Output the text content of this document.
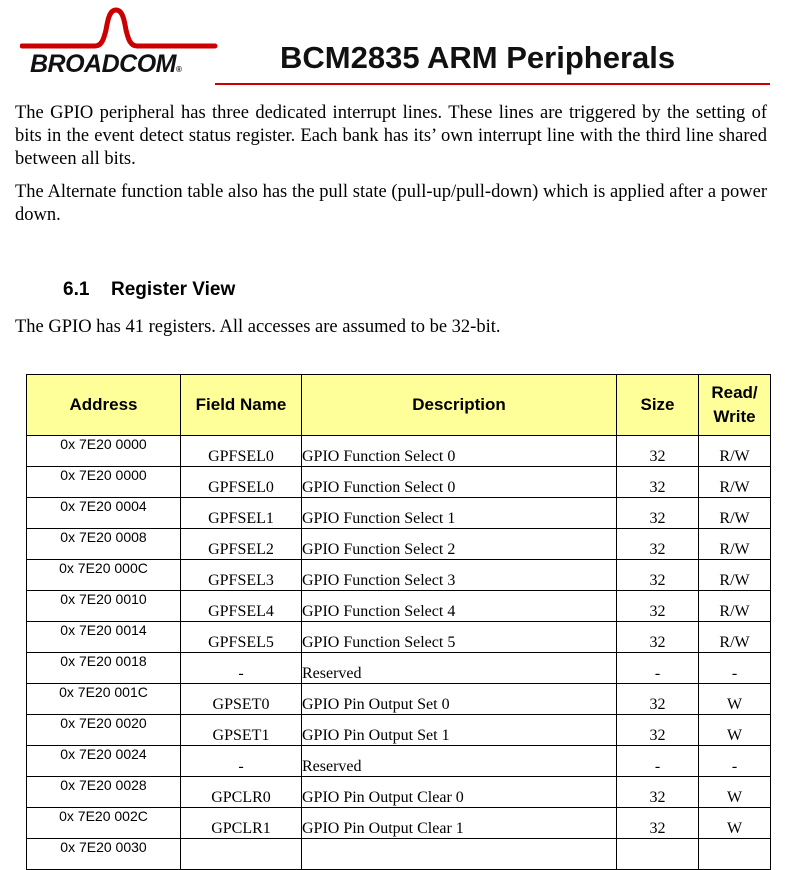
BROADCOM®	BCM2835 ARM Peripherals

The GPIO peripheral has three dedicated interrupt lines. These lines are triggered by the setting of bits in the event detect status register. Each bank has its’ own interrupt line with the third line shared between all bits.

The Alternate function table also has the pull state (pull-up/pull-down) which is applied after a power down.

6.1 Register View

The GPIO has 41 registers. All accesses are assumed to be 32-bit.

Address	Field Name	Description	Size	Read/
Write
0x 7E20 0000	GPFSEL0	GPIO Function Select 0	32	R/W
0x 7E20 0000	GPFSEL0	GPIO Function Select 0	32	R/W
0x 7E20 0004	GPFSEL1	GPIO Function Select 1	32	R/W
0x 7E20 0008	GPFSEL2	GPIO Function Select 2	32	R/W
0x 7E20 000C	GPFSEL3	GPIO Function Select 3	32	R/W
0x 7E20 0010	GPFSEL4	GPIO Function Select 4	32	R/W
0x 7E20 0014	GPFSEL5	GPIO Function Select 5	32	R/W
0x 7E20 0018	-	Reserved	-	-
0x 7E20 001C	GPSET0	GPIO Pin Output Set 0	32	W
0x 7E20 0020	GPSET1	GPIO Pin Output Set 1	32	W
0x 7E20 0024	-	Reserved	-	-
0x 7E20 0028	GPCLR0	GPIO Pin Output Clear 0	32	W
0x 7E20 002C	GPCLR1	GPIO Pin Output Clear 1	32	W
0x 7E20 0030				
